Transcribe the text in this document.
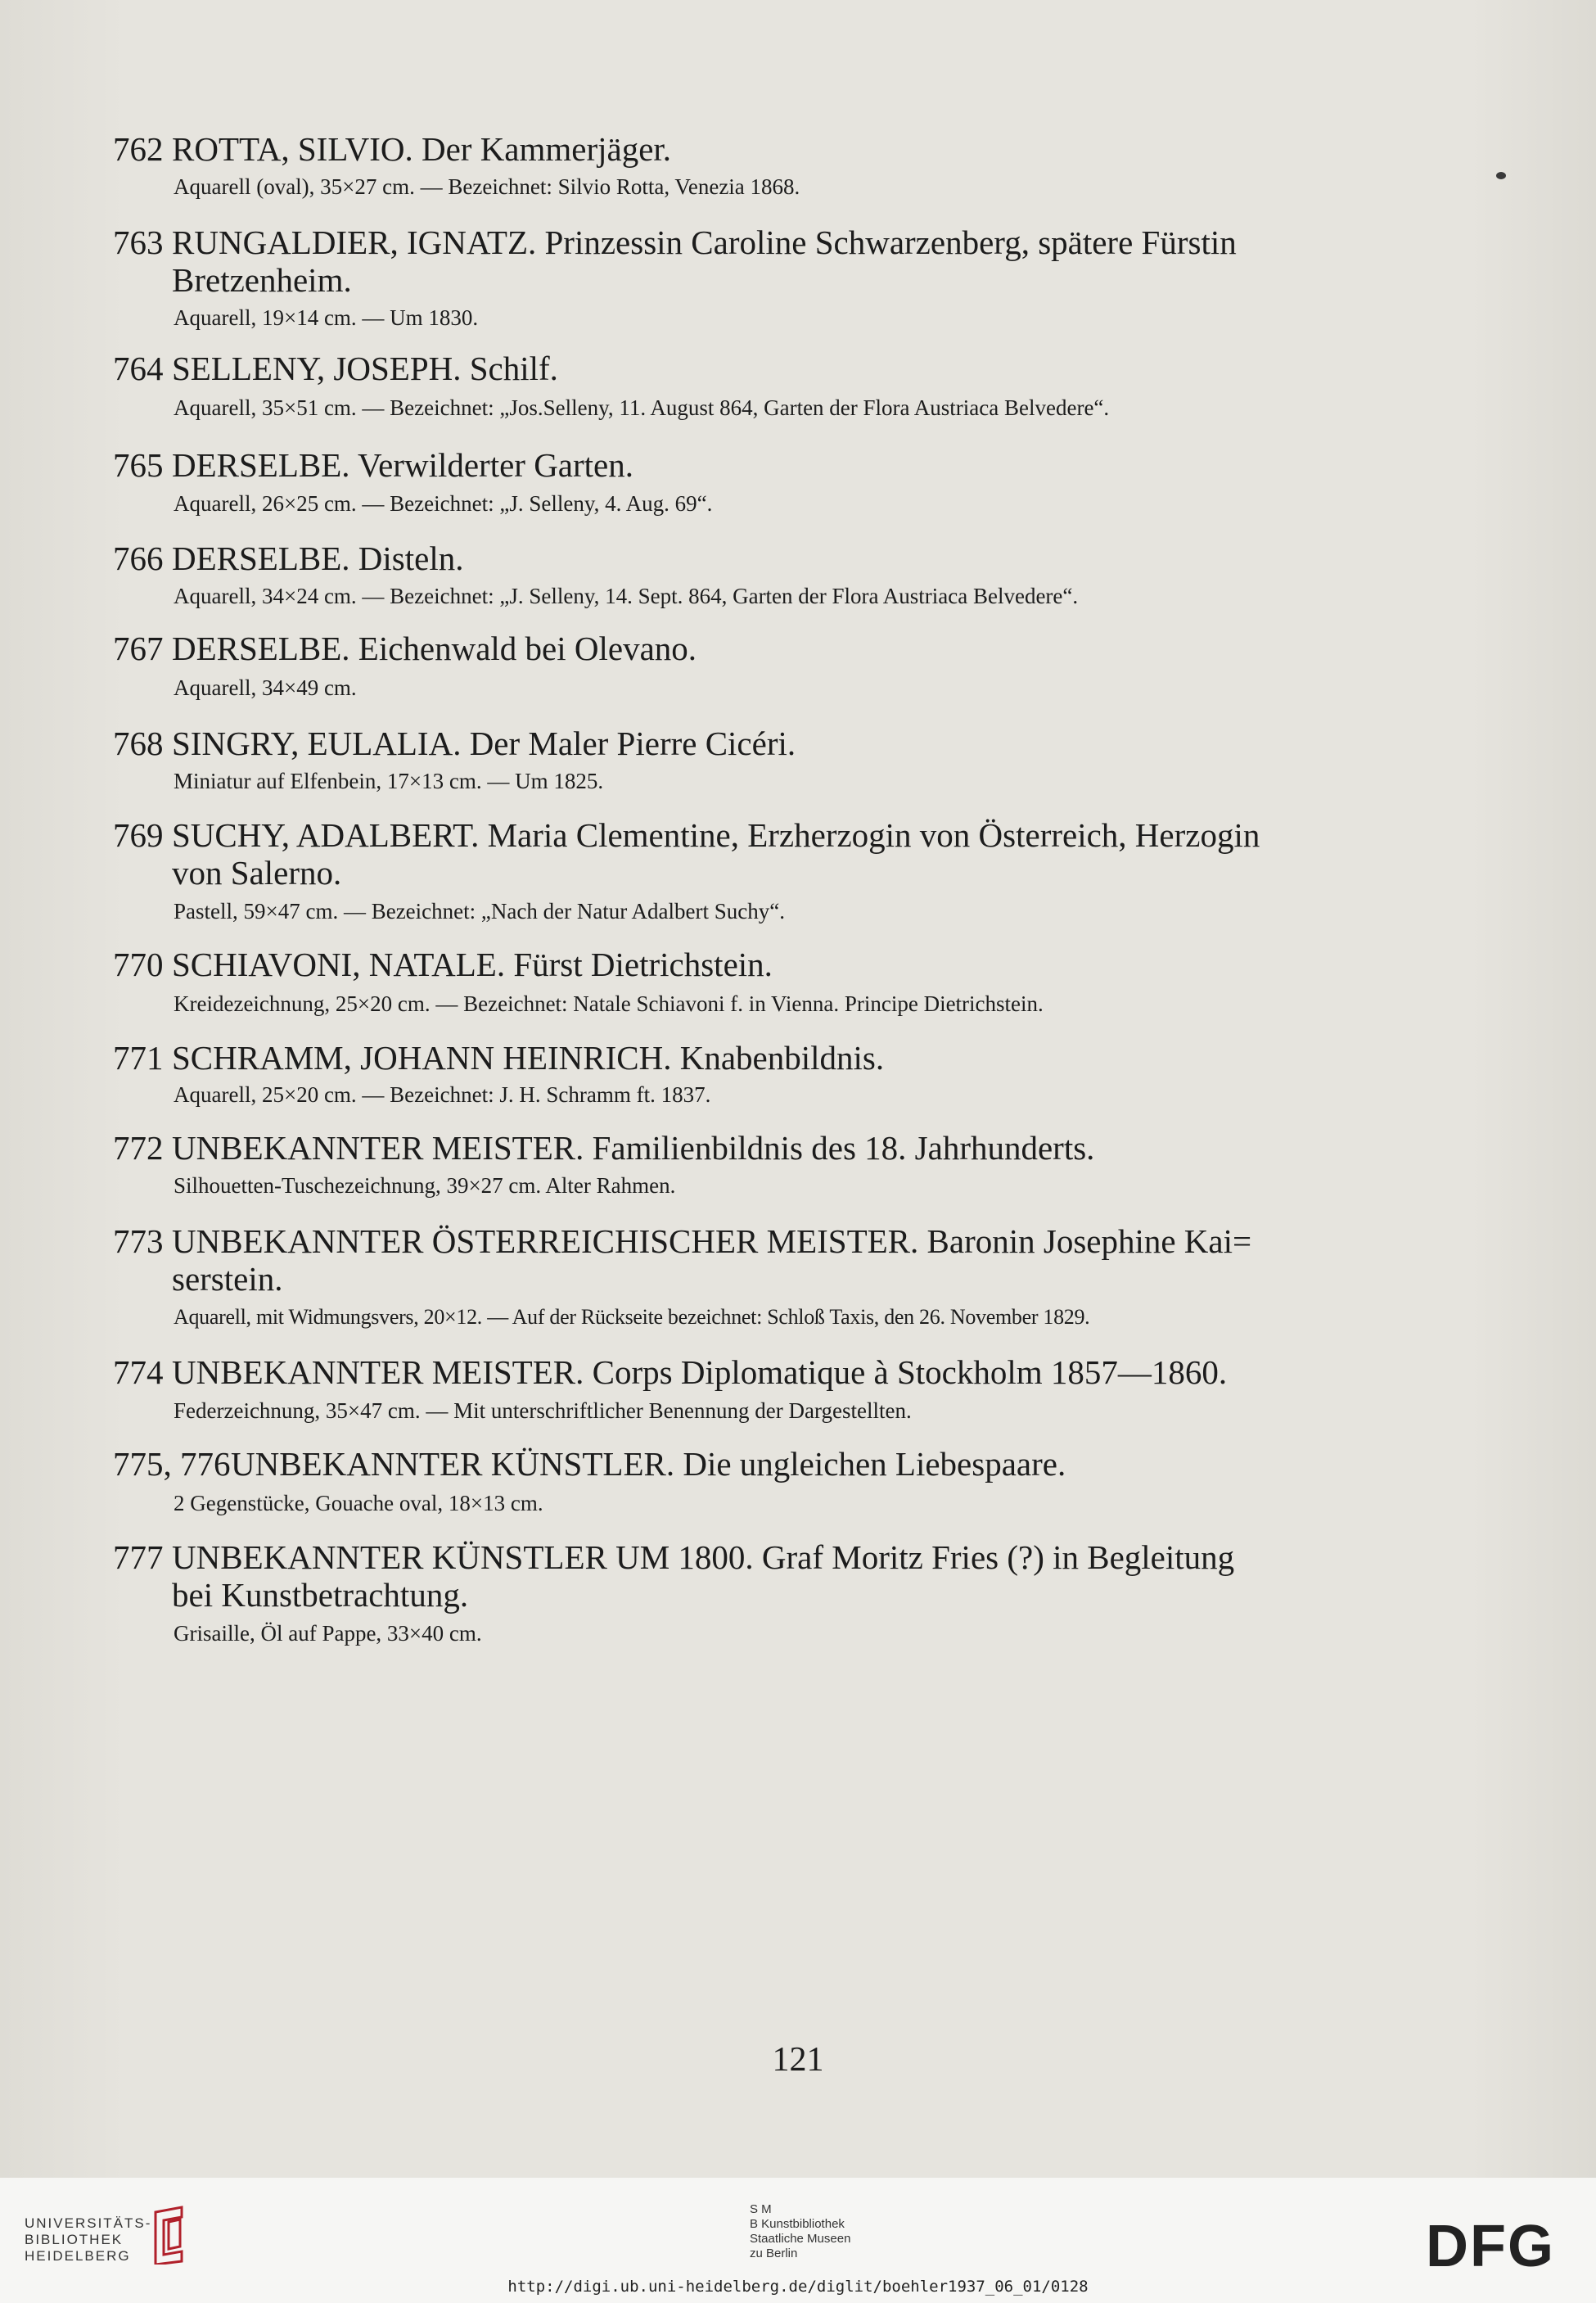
762 ROTTA, SILVIO. Der Kammerjäger.
Aquarell (oval), 35×27 cm. — Bezeichnet: Silvio Rotta, Venezia 1868.
763 RUNGALDIER, IGNATZ. Prinzessin Caroline Schwarzenberg, spätere Fürstin
Bretzenheim.
Aquarell, 19×14 cm. — Um 1830.
764 SELLENY, JOSEPH. Schilf.
Aquarell, 35×51 cm. — Bezeichnet: „Jos.Selleny, 11. August 864, Garten der Flora Austriaca Belvedere“.
765 DERSELBE. Verwilderter Garten.
Aquarell, 26×25 cm. — Bezeichnet: „J. Selleny, 4. Aug. 69“.
766 DERSELBE. Disteln.
Aquarell, 34×24 cm. — Bezeichnet: „J. Selleny, 14. Sept. 864, Garten der Flora Austriaca Belvedere“.
767 DERSELBE. Eichenwald bei Olevano.
Aquarell, 34×49 cm.
768 SINGRY, EULALIA. Der Maler Pierre Cicéri.
Miniatur auf Elfenbein, 17×13 cm. — Um 1825.
769 SUCHY, ADALBERT. Maria Clementine, Erzherzogin von Österreich, Herzogin
von Salerno.
Pastell, 59×47 cm. — Bezeichnet: „Nach der Natur Adalbert Suchy“.
770 SCHIAVONI, NATALE. Fürst Dietrichstein.
Kreidezeichnung, 25×20 cm. — Bezeichnet: Natale Schiavoni f. in Vienna. Principe Dietrichstein.
771 SCHRAMM, JOHANN HEINRICH. Knabenbildnis.
Aquarell, 25×20 cm. — Bezeichnet: J. H. Schramm ft. 1837.
772 UNBEKANNTER MEISTER. Familienbildnis des 18. Jahrhunderts.
Silhouetten-Tuschezeichnung, 39×27 cm. Alter Rahmen.
773 UNBEKANNTER ÖSTERREICHISCHER MEISTER. Baronin Josephine Kai=
serstein.
Aquarell, mit Widmungsvers, 20×12. — Auf der Rückseite bezeichnet: Schloß Taxis, den 26. November 1829.
774 UNBEKANNTER MEISTER. Corps Diplomatique à Stockholm 1857—1860.
Federzeichnung, 35×47 cm. — Mit unterschriftlicher Benennung der Dargestellten.
775, 776 UNBEKANNTER KÜNSTLER. Die ungleichen Liebespaare.
2 Gegenstücke, Gouache oval, 18×13 cm.
777 UNBEKANNTER KÜNSTLER UM 1800. Graf Moritz Fries (?) in Begleitung
bei Kunstbetrachtung.
Grisaille, Öl auf Pappe, 33×40 cm.
121
UNIVERSITÄTS-
BIBLIOTHEK
HEIDELBERG
S M
B Kunstbibliothek
Staatliche Museen
zu Berlin	DFG
http://digi.ub.uni-heidelberg.de/diglit/boehler1937_06_01/0128
